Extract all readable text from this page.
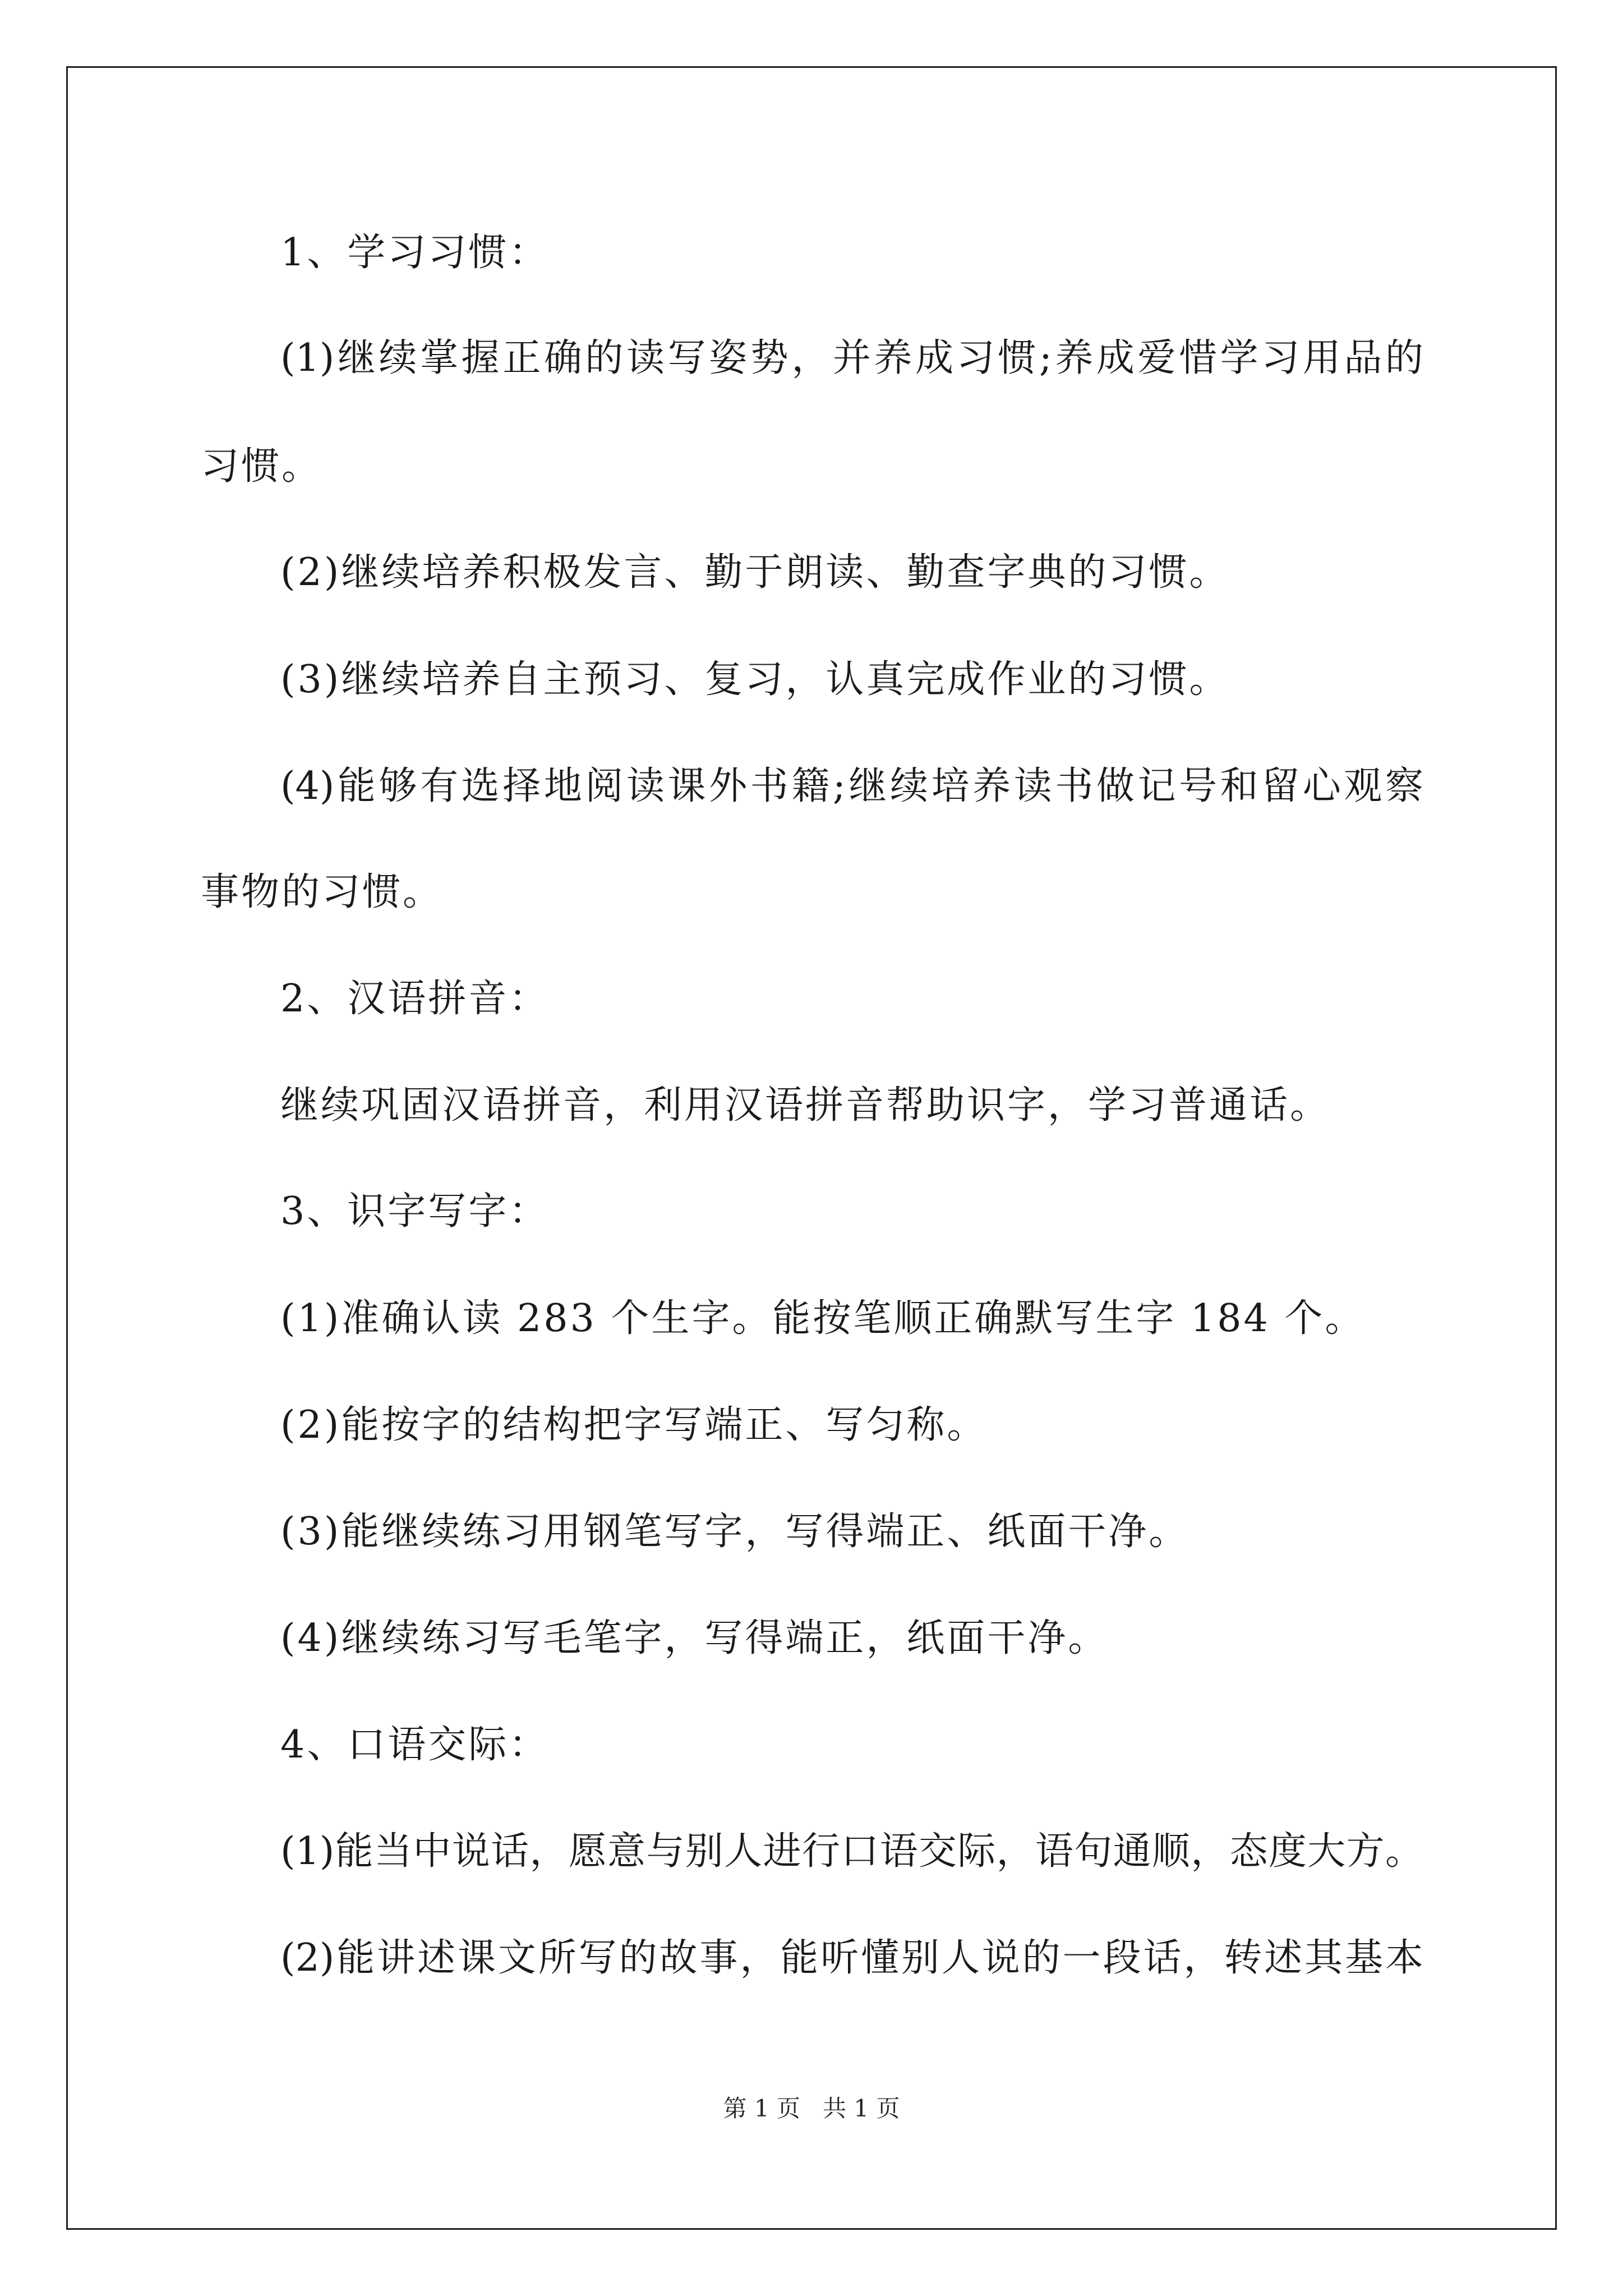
1、学习习惯：
(1)继续掌握正确的读写姿势，并养成习惯;养成爱惜学习用品的
习惯。
(2)继续培养积极发言、勤于朗读、勤查字典的习惯。
(3)继续培养自主预习、复习，认真完成作业的习惯。
(4)能够有选择地阅读课外书籍;继续培养读书做记号和留心观察
事物的习惯。
2、汉语拼音：
继续巩固汉语拼音，利用汉语拼音帮助识字，学习普通话。
3、识字写字：
(1)准确认读 283 个生字。能按笔顺正确默写生字 184 个。
(2)能按字的结构把字写端正、写匀称。
(3)能继续练习用钢笔写字，写得端正、纸面干净。
(4)继续练习写毛笔字，写得端正，纸面干净。
4、口语交际：
(1)能当中说话，愿意与别人进行口语交际，语句通顺，态度大方。
(2)能讲述课文所写的故事，能听懂别人说的一段话，转述其基本
第 1 页   共 1 页
